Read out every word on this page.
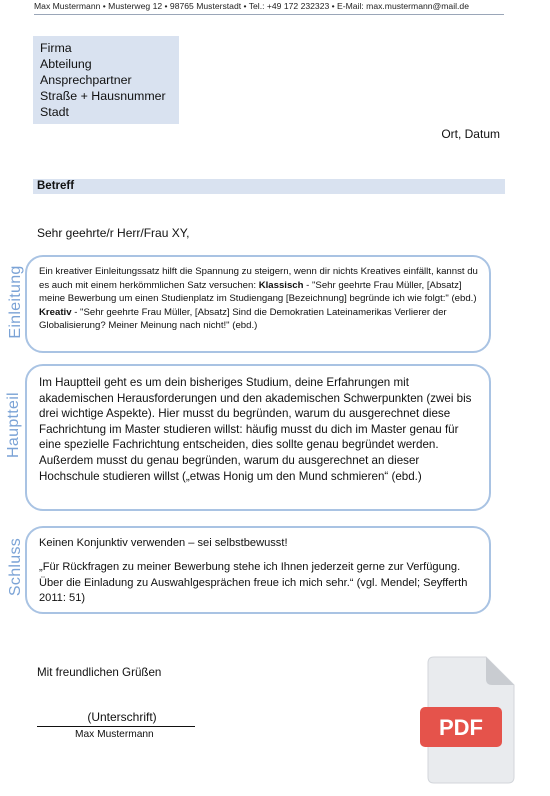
Max Mustermann • Musterweg 12 • 98765 Musterstadt • Tel.: +49 172 232323 • E-Mail: max.mustermann@mail.de
Firma
Abteilung
Ansprechpartner
Straße + Hausnummer
Stadt
Ort, Datum
Betreff
Sehr geehrte/r Herr/Frau XY,
Einleitung	Ein kreativer Einleitungssatz hilft die Spannung zu steigern, wenn dir nichts Kreatives einfällt, kannst du es auch mit einem herkömmlichen Satz versuchen: Klassisch - "Sehr geehrte Frau Müller, [Absatz] meine Bewerbung um einen Studienplatz im Studiengang [Bezeichnung] begründe ich wie folgt:" (ebd.) Kreativ - "Sehr geehrte Frau Müller, [Absatz] Sind die Demokratien Lateinamerikas Verlierer der Globalisierung? Meiner Meinung nach nicht!" (ebd.)
Hauptteil
Im Hauptteil geht es um dein bisheriges Studium, deine Erfahrungen mit akademischen Herausforderungen und den akademischen Schwerpunkten (zwei bis drei wichtige Aspekte). Hier musst du begründen, warum du ausgerechnet diese Fachrichtung im Master studieren willst: häufig musst du dich im Master genau für eine spezielle Fachrichtung entscheiden, dies sollte genau begründet werden.
Außerdem musst du genau begründen, warum du ausgerechnet an dieser Hochschule studieren willst („etwas Honig um den Mund schmieren“ (ebd.)
Schluss Keinen Konjunktiv verwenden – sei selbstbewusst!

„Für Rückfragen zu meiner Bewerbung stehe ich Ihnen jederzeit gerne zur Verfügung. Über die Einladung zu Auswahlgesprächen freue ich mich sehr.“ (vgl. Mendel; Seyfferth 2011: 51)

Mit freundlichen Grüßen
(Unterschrift)
Max Mustermann	PDF
